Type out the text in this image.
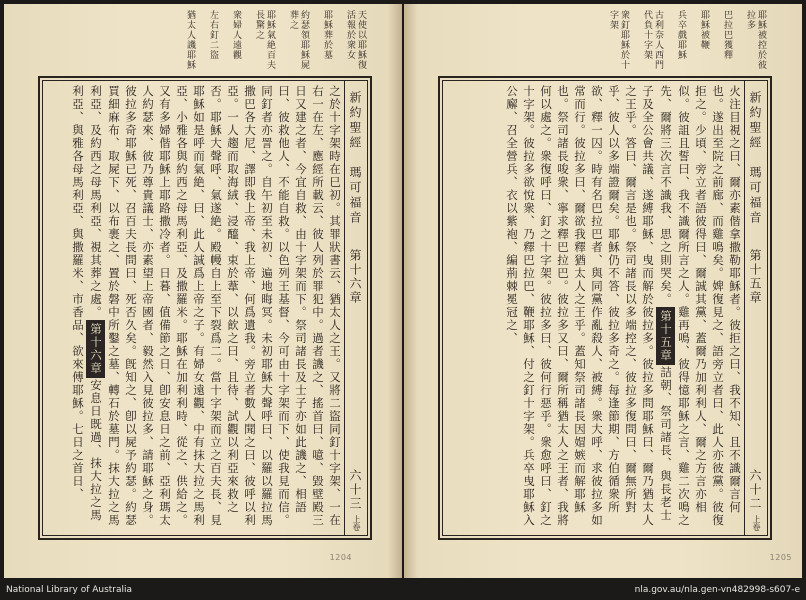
天使以耶穌復活報於衆女 耶穌葬於墓 約瑟領耶穌屍葬之 耶穌氣絶百夫長驚之 衆婦人遠觀 左右釘二盜 猶太人譏耶穌
之於十字架時在巳初。其罪狀書云、猶太人之王。又將二盜同釘十字架、一在右一在左、應經所載云、彼人列於罪犯中。過者譏之、搖首曰、噫、毀壁殿三日又建之者、今宜自救、由十字架而下。祭司諸長及士子亦如此譏之、相語曰、彼救他人、不能自救。以色列王基督、今可由十字架而下、使我見而信。同釘者亦詈之。自午初至未初、遍地晦冥。未初耶穌大聲呼曰、以羅以羅拉馬撒巴各大尼、譯即我上帝、我上帝、何爲遺我。旁立者數人聞之曰、彼呼以利亞。一人趨而取海絨、浸醯、束於葦、以飮之曰、且待、試觀以利亞來救之否。耶穌大聲呼、氣遂絶。殿幔自上至下裂爲二。當十字架而立之百夫長、見耶穌如是呼而氣絶、曰、此人誠爲上帝之子。有婦女遠觀、中有抹大拉之馬利亞、小雅各與約西之母馬利亞、及撒羅米。耶穌在加利利時、從之、供給之。又有多婦偕耶穌上耶路撒冷者。日暮、值備節之日、卽安息日之前、亞利瑪太人約瑟來、彼乃尊貴議士、亦素望上帝國者、毅然入見彼拉多、請耶穌之身。彼拉多奇耶穌已死、召百夫長問曰、死否久矣。旣知之、卽以屍予約瑟。約瑟買細麻布、取屍下、以布裹之、置於磐中所鑿之墓、轉石於墓門。抹大拉之馬利亞、及約西之母馬利亞、視其葬之處。第十六章安息日既過、抹大拉之馬利亞、與雅各母馬利亞、與撒羅米、市香品、欲來傅耶穌。七日之首日、	新約聖經　瑪可福音
第十六章
六十三
上卷
1204
耶穌被控於彼拉多 巴拉巴獲釋 耶穌被鞭 兵卒戲耶穌 古利奈人西門代負十字架 衆釘耶穌於十字架
火注目視之曰、爾亦素偕拿撒勒耶穌者。彼拒之曰、我不知、且不識爾言何也。遂出至院之前廊、而雞鳴矣。婢復見之、語旁立者曰、此人亦彼黨。彼復拒之。少頃、旁立者語彼得曰、爾誠其黨、蓋爾乃加利利人、爾之方言亦相似。彼詛且誓曰、我不識爾所言之人。雞再鳴、彼得憶耶穌之言、雞二次鳴之先、爾將三次言不識我、思之則哭矣。第十五章詰朝、祭司諸長、與長老士子及全公會共議、遂縛耶穌、曳而解於彼拉多。彼拉多問耶穌曰、爾乃猶太人之王乎。答曰、爾言是也。祭司諸長以多端控之、彼拉多復問曰、爾無所對乎、彼人以多端證爾矣。耶穌仍不答、彼拉多奇之。每逢節期、方伯循衆所欲、釋一囚。時有名巴拉巴者、與同黨作亂殺人、被縛。衆大呼、求彼拉多如常而行。彼拉多曰、爾欲我釋猶太人之王乎。蓋知祭司諸長因媢嫉而解耶穌也。祭司諸長唆衆、寧求釋巴拉巴。彼拉多又曰、爾所稱猶太人之王者、我將何以處之。衆復呼曰、釘之十字架。彼拉多曰、彼何行惡乎。衆愈呼曰、釘之十字架。彼拉多欲悅衆、乃釋巴拉巴、鞭耶穌、付之釘十字架。兵卒曳耶穌入公廨、召全營兵、衣以紫袍、編荊棘冕冠之、	新約聖經　瑪可福音
第十五章
六十二
上卷
1205
National Library of Australia	nla.gov.au/nla.gen-vn482998-s607-e
